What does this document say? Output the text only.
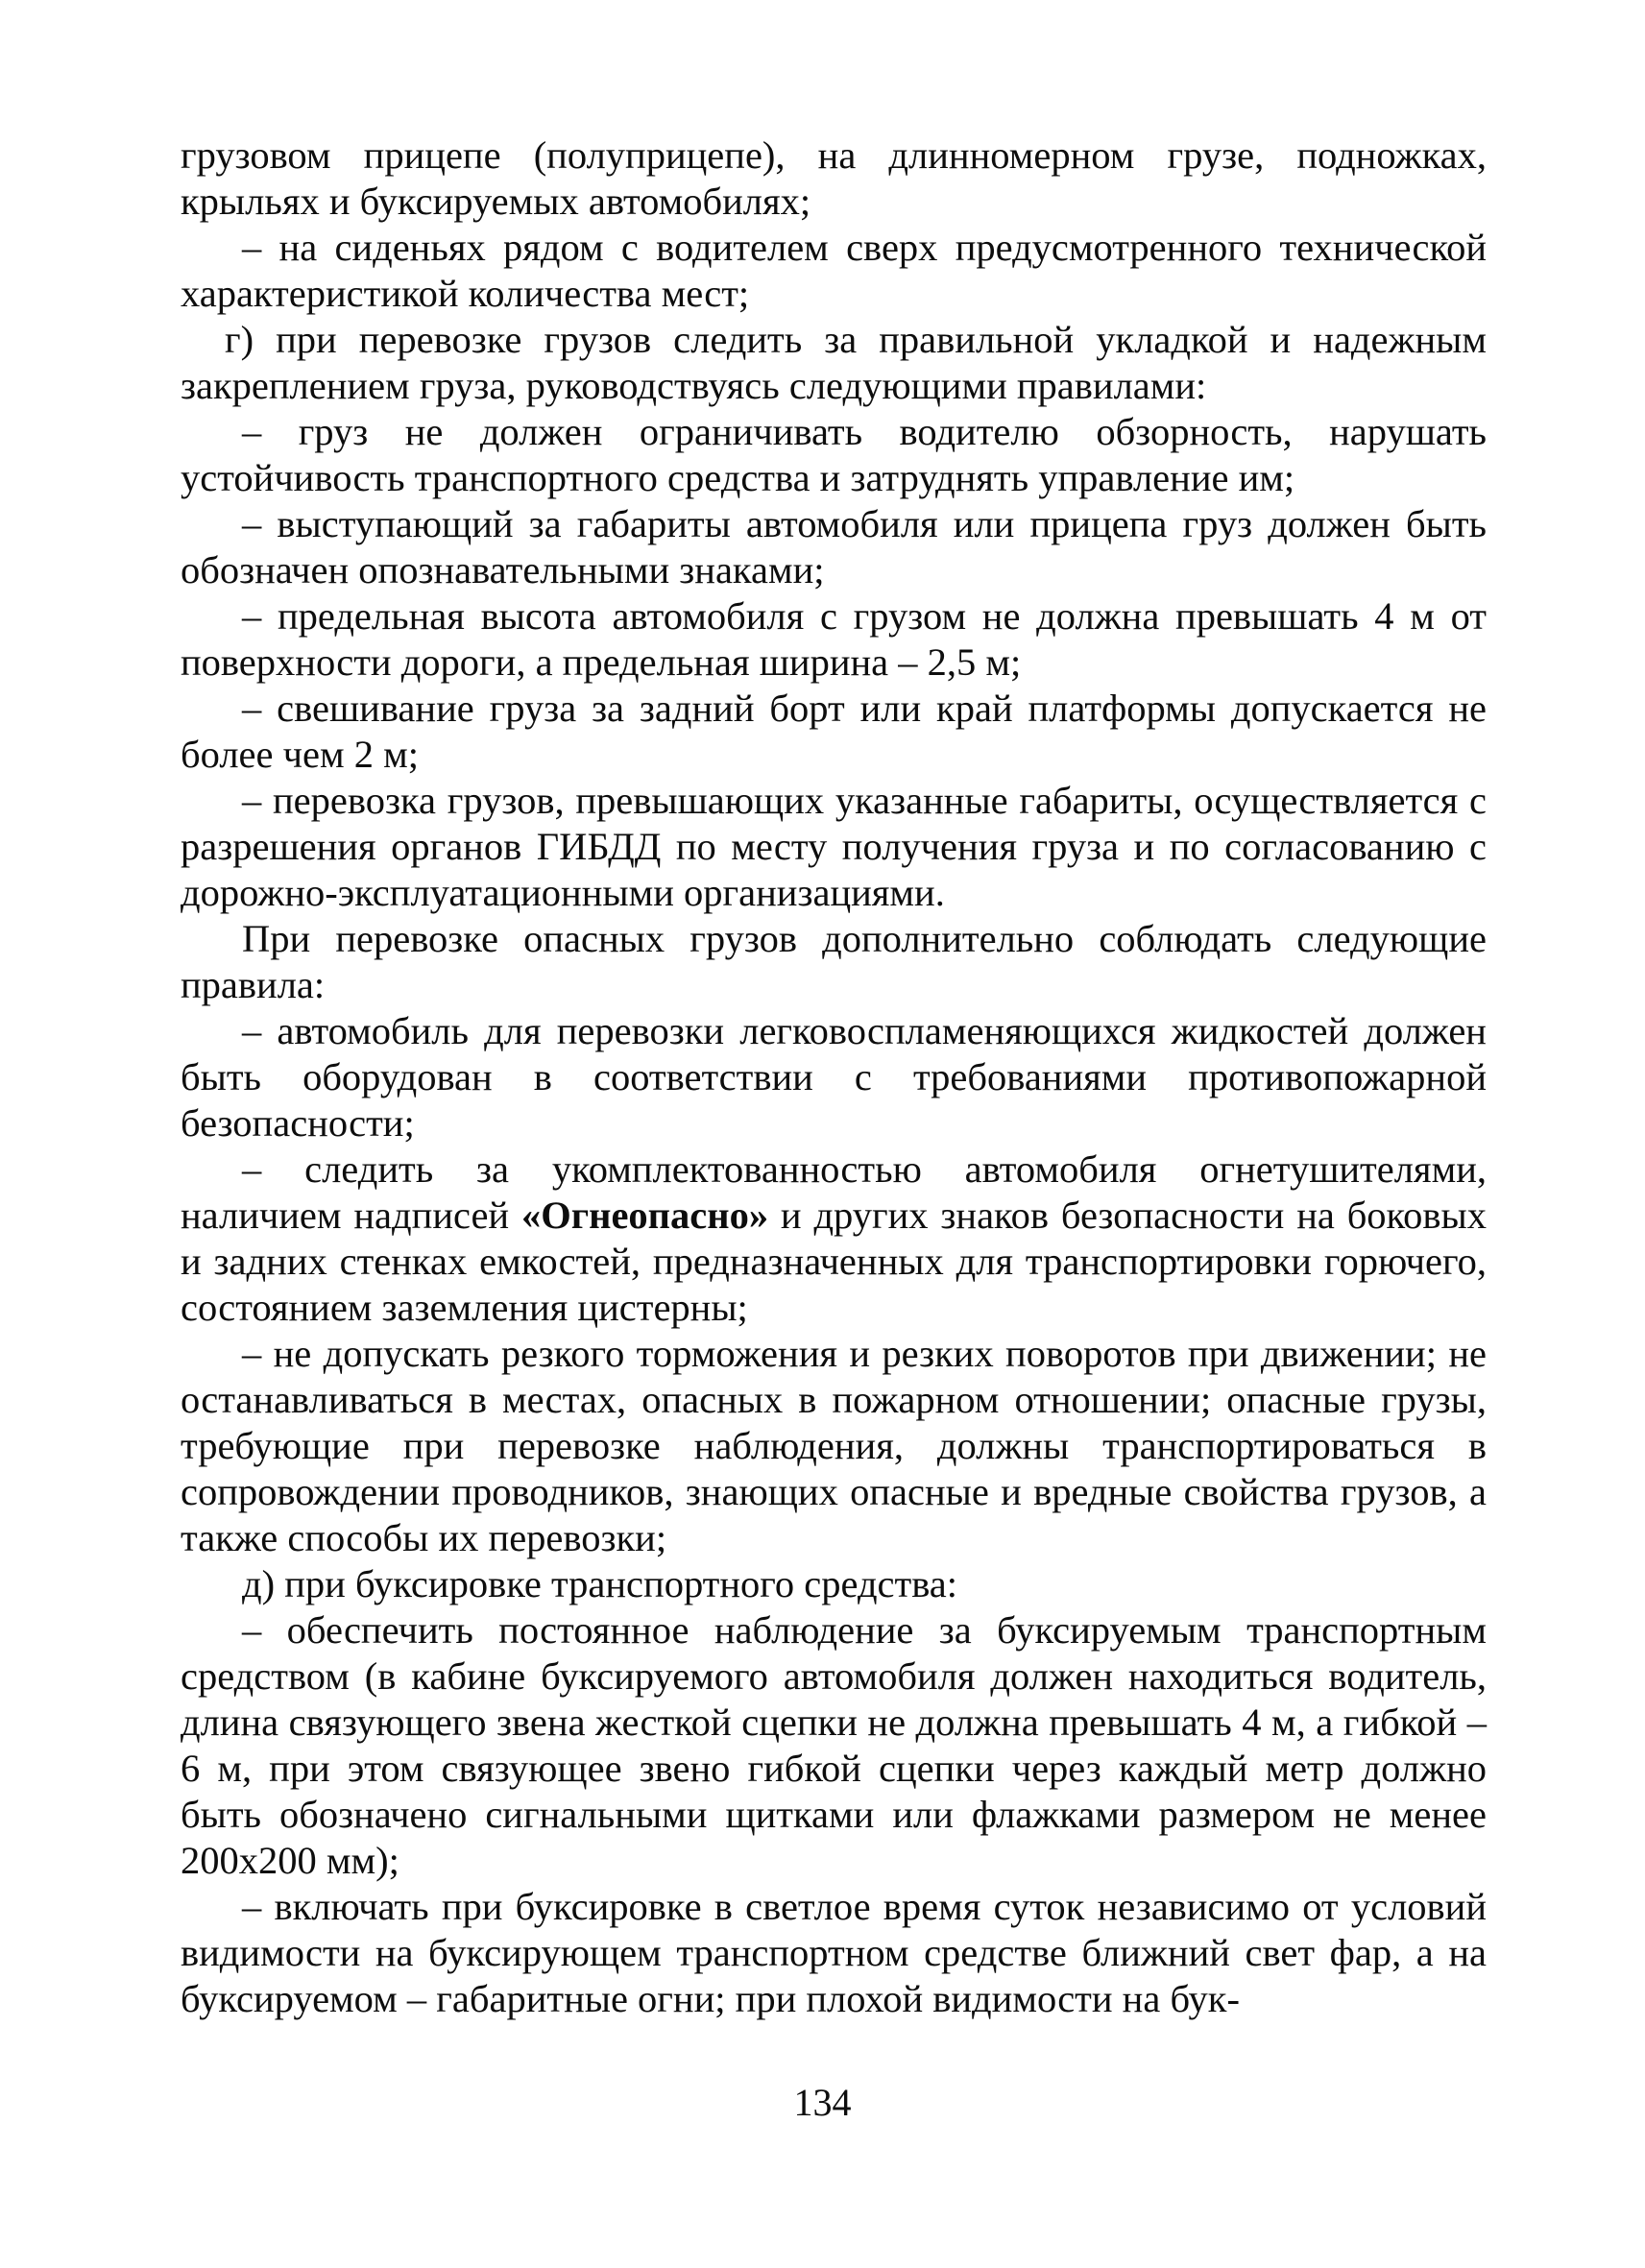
грузовом прицепе (полуприцепе), на длинномерном грузе, подножках, крыльях и буксируемых автомобилях;

– на сиденьях рядом с водителем сверх предусмотренного технической характеристикой количества мест;

г) при перевозке грузов следить за правильной укладкой и надежным закреплением груза, руководствуясь следующими правилами:

– груз не должен ограничивать водителю обзорность, нарушать устойчивость транспортного средства и затруднять управление им;

– выступающий за габариты автомобиля или прицепа груз должен быть обозначен опознавательными знаками;

– предельная высота автомобиля с грузом не должна превышать 4 м от поверхности дороги, а предельная ширина – 2,5 м;

– свешивание груза за задний борт или край платформы допускается не более чем 2 м;

– перевозка грузов, превышающих указанные габариты, осуществляется с разрешения органов ГИБДД по месту получения груза и по согласованию с дорожно-эксплуатационными организациями.

При перевозке опасных грузов дополнительно соблюдать следующие правила:

– автомобиль для перевозки легковоспламеняющихся жидкостей должен быть оборудован в соответствии с требованиями противопожарной безопасности;

– следить за укомплектованностью автомобиля огнетушителями, наличием надписей «Огнеопасно» и других знаков безопасности на боковых и задних стенках емкостей, предназначенных для транспортировки горючего, состоянием заземления цистерны;

– не допускать резкого торможения и резких поворотов при движении; не останавливаться в местах, опасных в пожарном отношении; опасные грузы, требующие при перевозке наблюдения, должны транспортироваться в сопровождении проводников, знающих опасные и вредные свойства грузов, а также способы их перевозки;

д) при буксировке транспортного средства:

– обеспечить постоянное наблюдение за буксируемым транспортным средством (в кабине буксируемого автомобиля должен находиться водитель, длина связующего звена жесткой сцепки не должна превышать 4 м, а гибкой – 6 м, при этом связующее звено гибкой сцепки через каждый метр должно быть обозначено сигнальными щитками или флажками размером не менее 200х200 мм);

– включать при буксировке в светлое время суток независимо от условий видимости на буксирующем транспортном средстве ближний свет фар, а на буксируемом – габаритные огни; при плохой видимости на бук-

134
